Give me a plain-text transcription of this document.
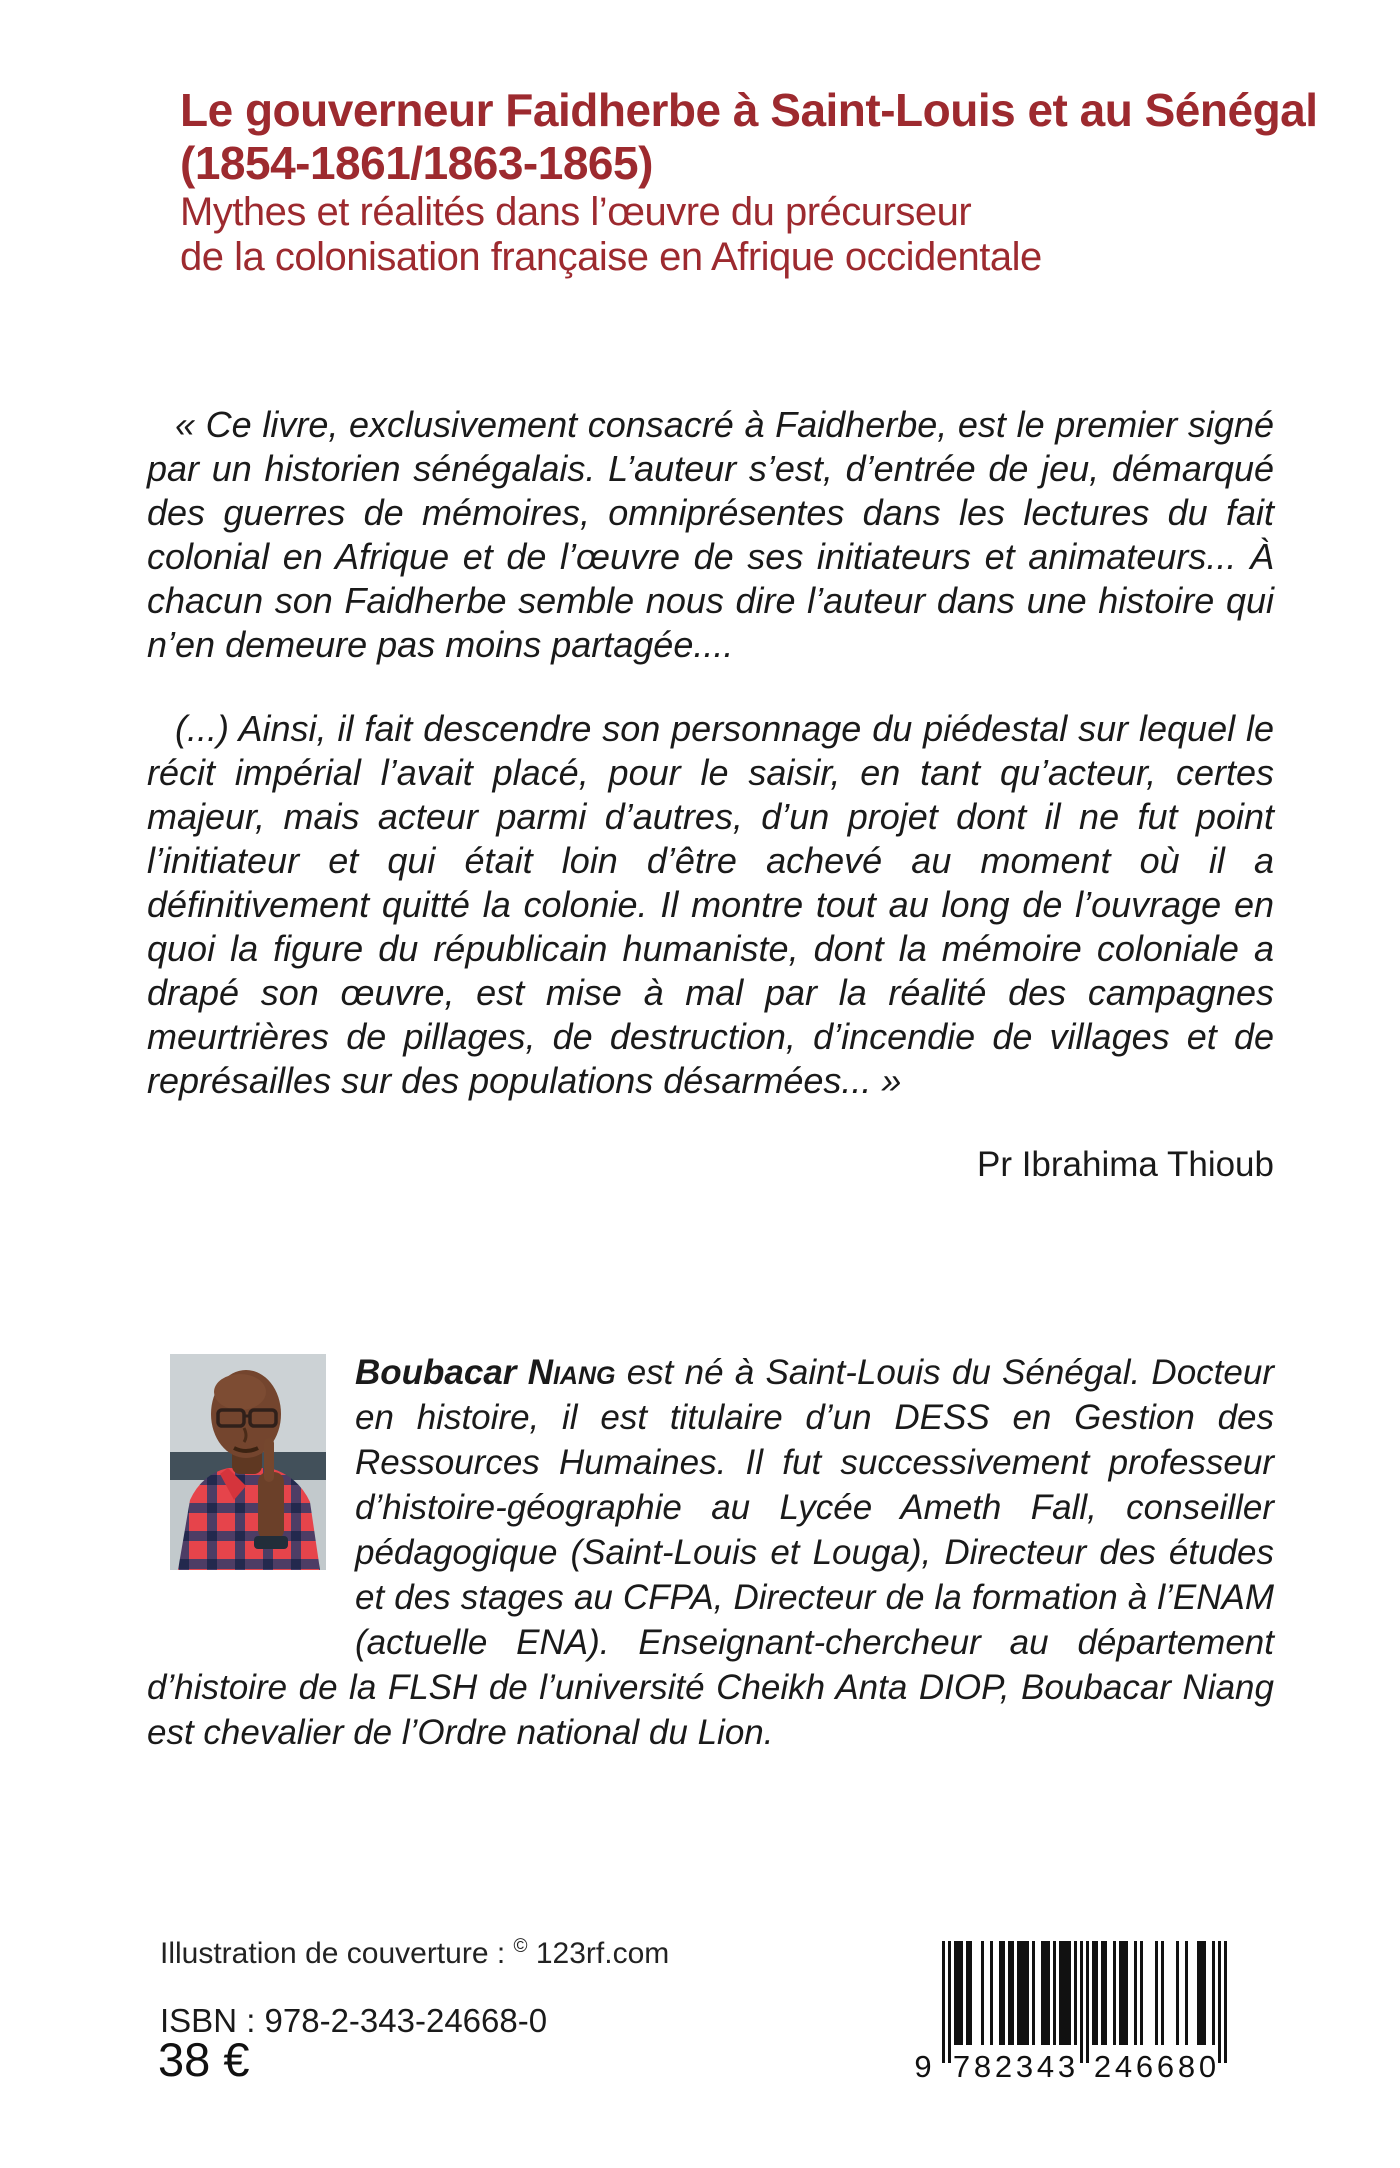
Le gouverneur Faidherbe à Saint-Louis et au Sénégal
(1854-1861/1863-1865)
Mythes et réalités dans l’œuvre du précurseur
de la colonisation française en Afrique occidentale

« Ce livre, exclusivement consacré à Faidherbe, est le premier signé par un historien sénégalais. L’auteur s’est, d’entrée de jeu, démarqué des guerres de mémoires, omniprésentes dans les lectures du fait colonial en Afrique et de l’œuvre de ses initiateurs et animateurs... À chacun son Faidherbe semble nous dire l’auteur dans une histoire qui n’en demeure pas moins partagée....

(...) Ainsi, il fait descendre son personnage du piédestal sur lequel le récit impérial l’avait placé, pour le saisir, en tant qu’acteur, certes majeur, mais acteur parmi d’autres, d’un projet dont il ne fut point l’initiateur et qui était loin d’être achevé au moment où il a définitivement quitté la colonie. Il montre tout au long de l’ouvrage en quoi la figure du républicain humaniste, dont la mémoire coloniale a drapé son œuvre, est mise à mal par la réalité des campagnes meurtrières de pillages, de destruction, d’incendie de villages et de représailles sur des populations désarmées... »

Pr Ibrahima Thioub

Boubacar Niang est né à Saint-Louis du Sénégal. Docteur en histoire, il est titulaire d’un DESS en Gestion des Ressources Humaines. Il fut successivement professeur d’histoire-géographie au Lycée Ameth Fall, conseiller pédagogique (Saint-Louis et Louga), Directeur des études et des stages au CFPA, Directeur de la formation à l’ENAM (actuelle ENA). Enseignant-chercheur au département d’histoire de la FLSH de l’université Cheikh Anta DIOP, Boubacar Niang est chevalier de l’Ordre national du Lion.

Illustration de couverture : © 123rf.com
ISBN : 978-2-343-24668-0
38 €	9 7	2
8	4
2	6
3	6
4	8
3	0
